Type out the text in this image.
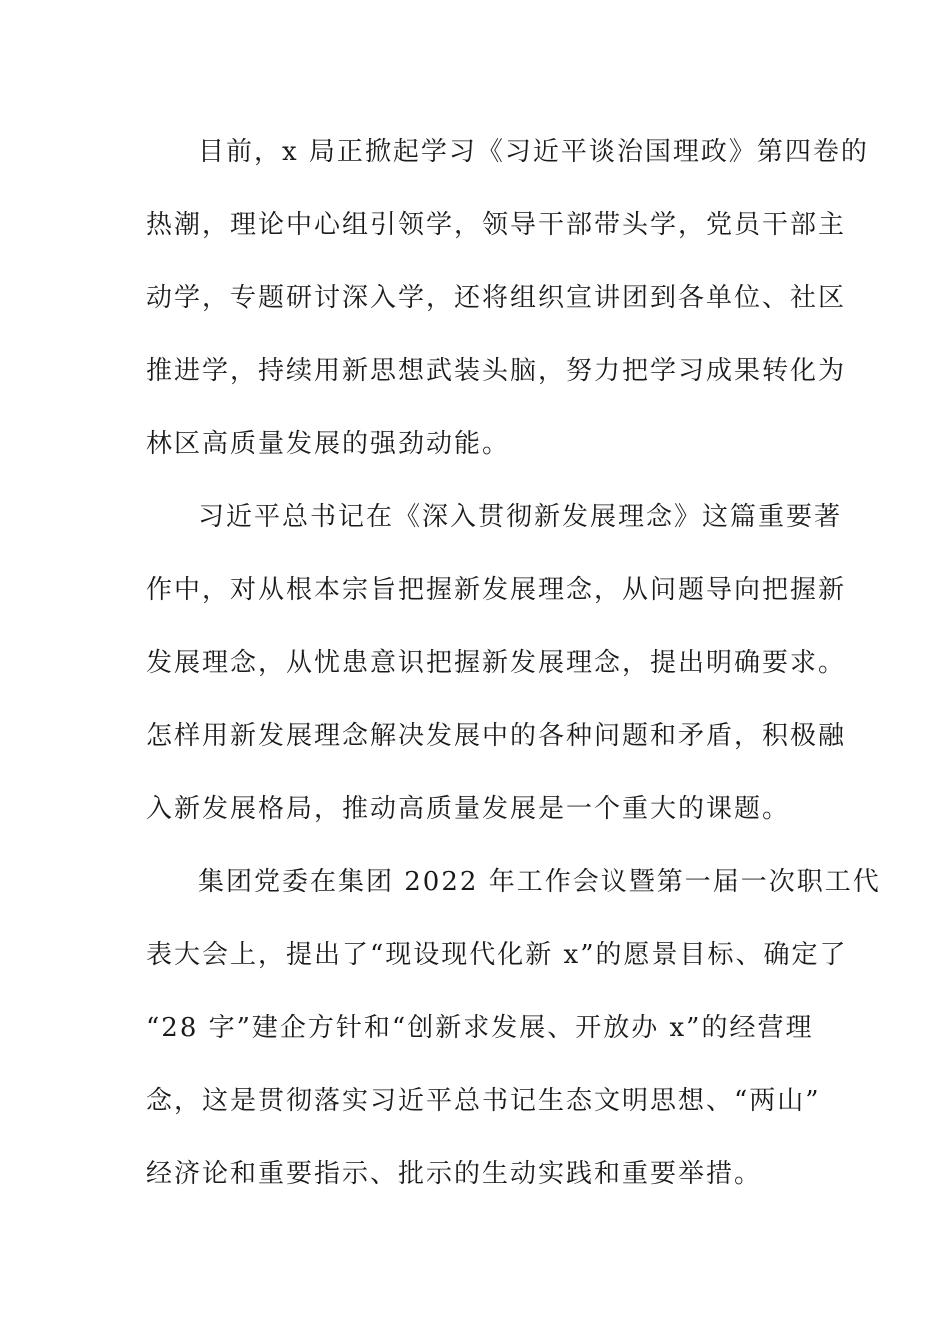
目前，x 局正掀起学习《习近平谈治国理政》第四卷的
热潮，理论中心组引领学，领导干部带头学，党员干部主
动学，专题研讨深入学，还将组织宣讲团到各单位、社区
推进学，持续用新思想武装头脑，努力把学习成果转化为
林区高质量发展的强劲动能。
习近平总书记在《深入贯彻新发展理念》这篇重要著
作中，对从根本宗旨把握新发展理念，从问题导向把握新
发展理念，从忧患意识把握新发展理念，提出明确要求。
怎样用新发展理念解决发展中的各种问题和矛盾，积极融
入新发展格局，推动高质量发展是一个重大的课题。
集团党委在集团 2022 年工作会议暨第一届一次职工代
表大会上，提出了“现设现代化新 x”的愿景目标、确定了
“28 字”建企方针和“创新求发展、开放办 x”的经营理
念，这是贯彻落实习近平总书记生态文明思想、“两山”
经济论和重要指示、批示的生动实践和重要举措。
